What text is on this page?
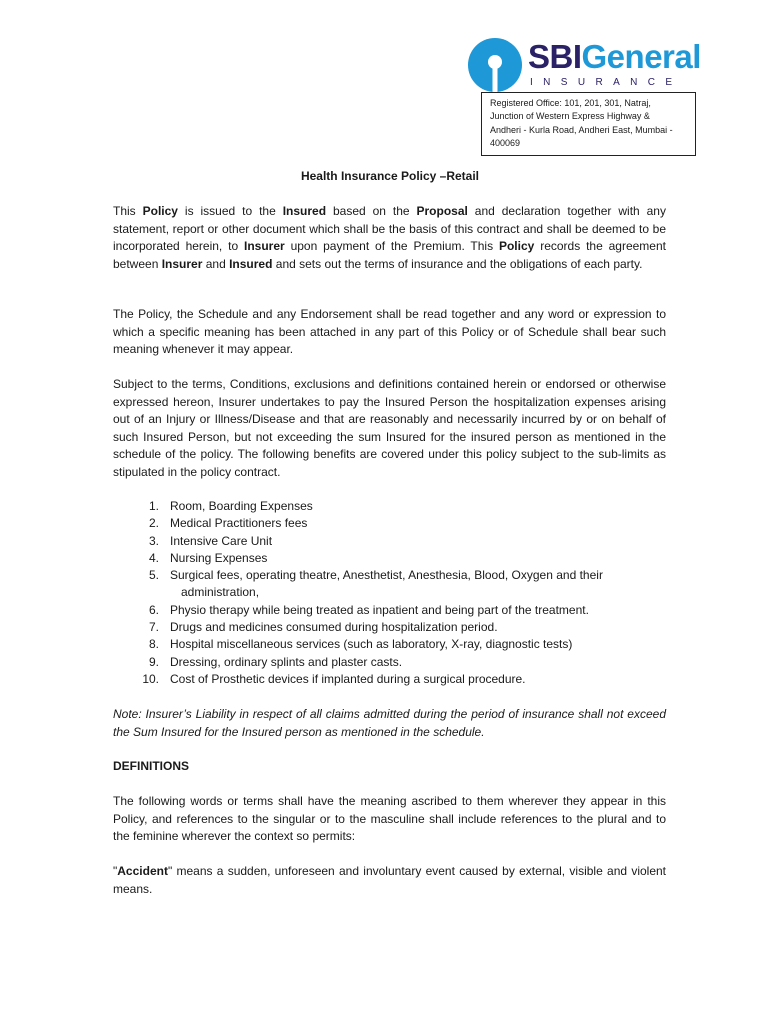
SBIGeneral
INSURANCE
Registered Office: 101, 201, 301, Natraj,
Junction of Western Express Highway &
Andheri - Kurla Road, Andheri East, Mumbai -
400069
Health Insurance Policy –Retail

This Policy is issued to the Insured based on the Proposal and declaration together with any statement, report or other document which shall be the basis of this contract and shall be deemed to be incorporated herein, to Insurer upon payment of the Premium. This Policy records the agreement between Insurer and Insured and sets out the terms of insurance and the obligations of each party.

The Policy, the Schedule and any Endorsement shall be read together and any word or expression to which a specific meaning has been attached in any part of this Policy or of Schedule shall bear such meaning whenever it may appear.

Subject to the terms, Conditions, exclusions and definitions contained herein or endorsed or otherwise expressed hereon, Insurer undertakes to pay the Insured Person the hospitalization expenses arising out of an Injury or Illness/Disease and that are reasonably and necessarily incurred by or on behalf of such Insured Person, but not exceeding the sum Insured for the insured person as mentioned in the schedule of the policy. The following benefits are covered under this policy subject to the sub-limits as stipulated in the policy contract.

1. Room, Boarding Expenses
2. Medical Practitioners fees
3. Intensive Care Unit
4. Nursing Expenses
5. Surgical fees, operating theatre, Anesthetist, Anesthesia, Blood, Oxygen and their
administration,
6. Physio therapy while being treated as inpatient and being part of the treatment.
7. Drugs and medicines consumed during hospitalization period.
8. Hospital miscellaneous services (such as laboratory, X-ray, diagnostic tests)
9. Dressing, ordinary splints and plaster casts.
10. Cost of Prosthetic devices if implanted during a surgical procedure.

Note: Insurer’s Liability in respect of all claims admitted during the period of insurance shall not exceed the Sum Insured for the Insured person as mentioned in the schedule.

DEFINITIONS

The following words or terms shall have the meaning ascribed to them wherever they appear in this Policy, and references to the singular or to the masculine shall include references to the plural and to the feminine wherever the context so permits:

"Accident" means a sudden, unforeseen and involuntary event caused by external, visible and violent means.
